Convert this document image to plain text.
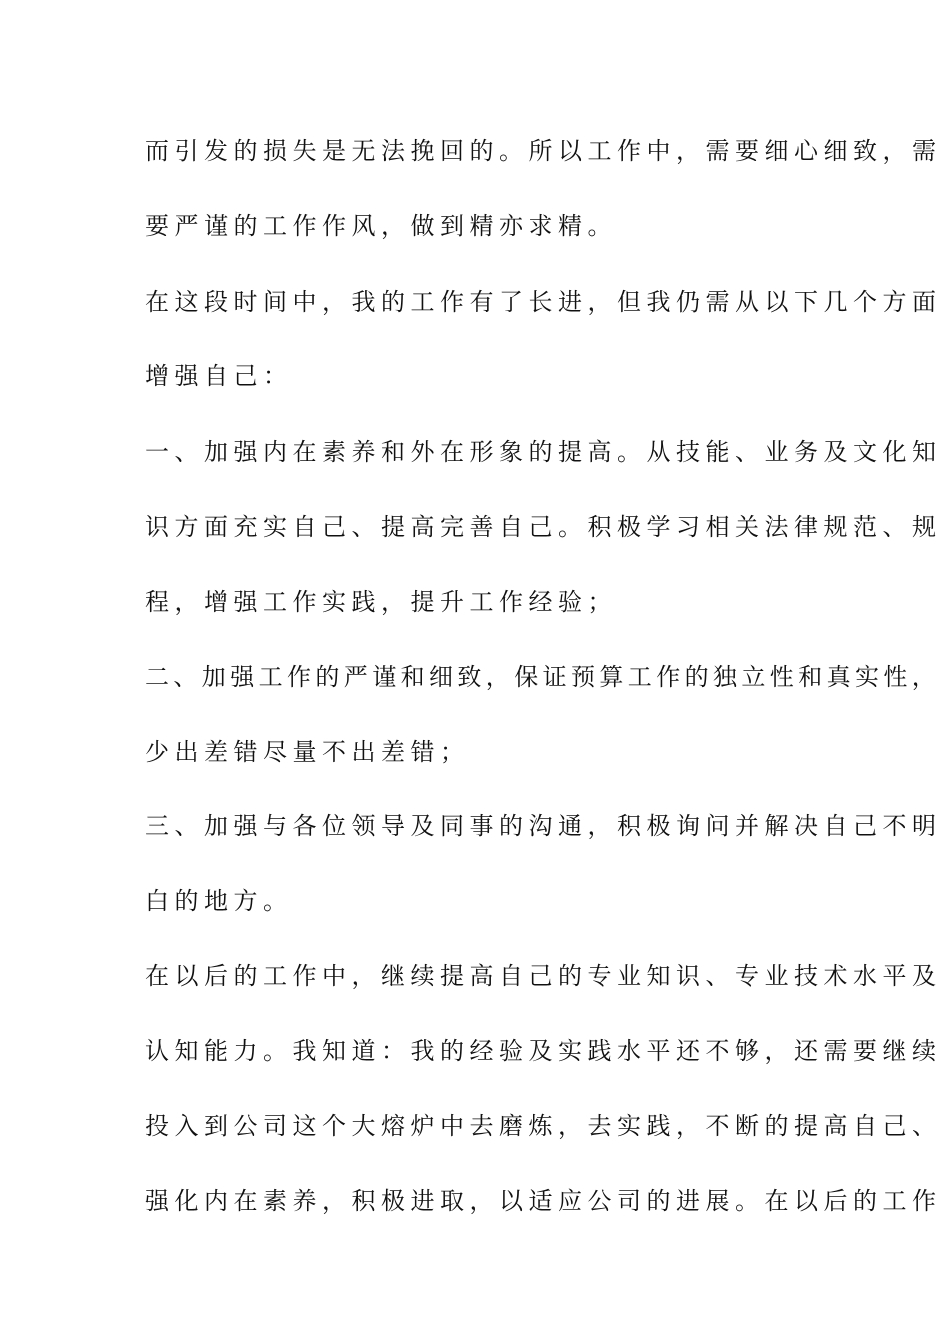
而引发的损失是无法挽回的。所以工作中，需要细心细致，需

要严谨的工作作风，做到精亦求精。

在这段时间中，我的工作有了长进，但我仍需从以下几个方面

增强自己：

一、加强内在素养和外在形象的提高。从技能、业务及文化知

识方面充实自己、提高完善自己。积极学习相关法律规范、规

程，增强工作实践，提升工作经验；

二、加强工作的严谨和细致，保证预算工作的独立性和真实性，

少出差错尽量不出差错；

三、加强与各位领导及同事的沟通，积极询问并解决自己不明

白的地方。

在以后的工作中，继续提高自己的专业知识、专业技术水平及

认知能力。我知道：我的经验及实践水平还不够，还需要继续

投入到公司这个大熔炉中去磨炼，去实践，不断的提高自己、

强化内在素养，积极进取，以适应公司的进展。在以后的工作
